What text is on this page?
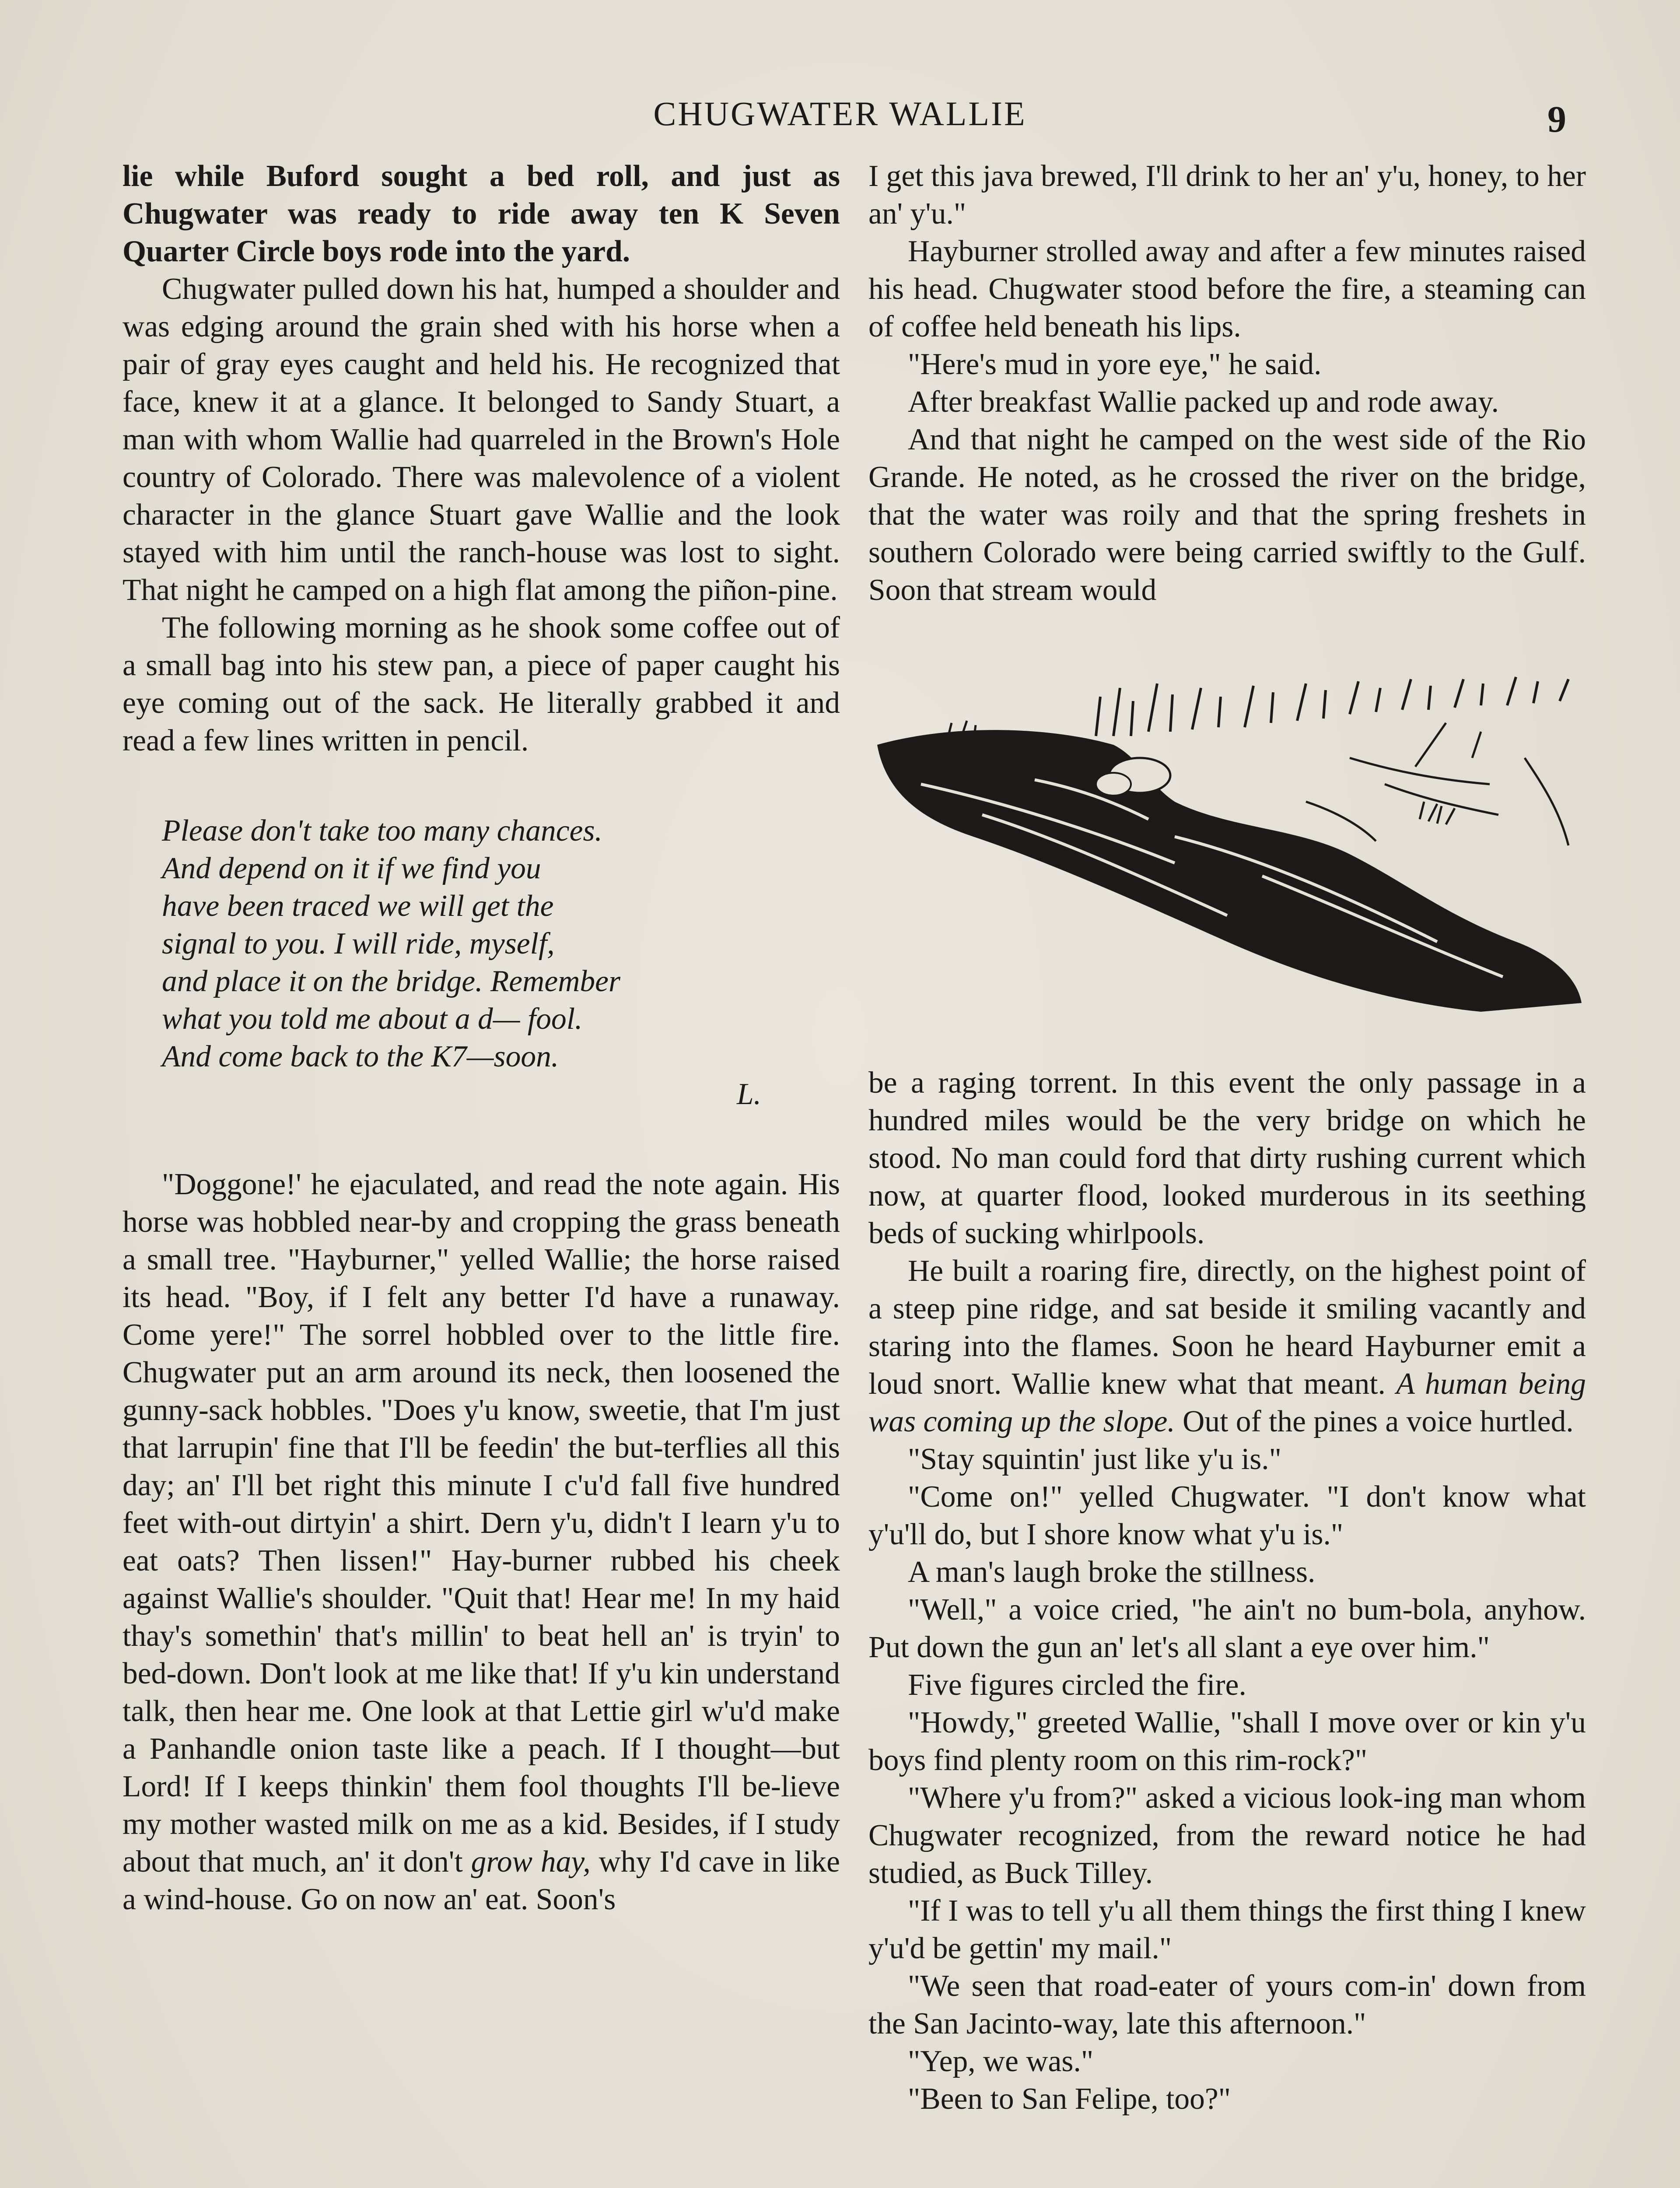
CHUGWATER WALLIE	9

lie while Buford sought a bed roll, and just as Chugwater was ready to ride away ten K Seven Quarter Circle boys rode into the yard.

Chugwater pulled down his hat, humped a shoulder and was edging around the grain shed with his horse when a pair of gray eyes caught and held his. He recognized that face, knew it at a glance. It belonged to Sandy Stuart, a man with whom Wallie had quarreled in the Brown's Hole country of Colorado. There was malevolence of a violent character in the glance Stuart gave Wallie and the look stayed with him until the ranch-house was lost to sight. That night he camped on a high flat among the piñon-pine.

The following morning as he shook some coffee out of a small bag into his stew pan, a piece of paper caught his eye coming out of the sack. He literally grabbed it and read a few lines written in pencil.

Please don't take too many chances.
And depend on it if we find you
have been traced we will get the
signal to you. I will ride, myself,
and place it on the bridge. Remember
what you told me about a d— fool.
And come back to the K7—soon.
L.

"Doggone!' he ejaculated, and read the note again. His horse was hobbled near-by and cropping the grass beneath a small tree. "Hayburner," yelled Wallie; the horse raised its head. "Boy, if I felt any better I'd have a runaway. Come yere!" The sorrel hobbled over to the little fire. Chugwater put an arm around its neck, then loosened the gunny-sack hobbles. "Does y'u know, sweetie, that I'm just that larrupin' fine that I'll be feedin' the but-terflies all this day; an' I'll bet right this minute I c'u'd fall five hundred feet with-out dirtyin' a shirt. Dern y'u, didn't I learn y'u to eat oats? Then lissen!" Hay-burner rubbed his cheek against Wallie's shoulder. "Quit that! Hear me! In my haid thay's somethin' that's millin' to beat hell an' is tryin' to bed-down. Don't look at me like that! If y'u kin understand talk, then hear me. One look at that Lettie girl w'u'd make a Panhandle onion taste like a peach. If I thought—but Lord! If I keeps thinkin' them fool thoughts I'll be-lieve my mother wasted milk on me as a kid. Besides, if I study about that much, an' it don't grow hay, why I'd cave in like a wind-house. Go on now an' eat. Soon's

I get this java brewed, I'll drink to her an' y'u, honey, to her an' y'u."

Hayburner strolled away and after a few minutes raised his head. Chugwater stood before the fire, a steaming can of coffee held beneath his lips.

"Here's mud in yore eye," he said.

After breakfast Wallie packed up and rode away.

And that night he camped on the west side of the Rio Grande. He noted, as he crossed the river on the bridge, that the water was roily and that the spring freshets in southern Colorado were being carried swiftly to the Gulf. Soon that stream would

be a raging torrent. In this event the only passage in a hundred miles would be the very bridge on which he stood. No man could ford that dirty rushing current which now, at quarter flood, looked murderous in its seething beds of sucking whirlpools.

He built a roaring fire, directly, on the highest point of a steep pine ridge, and sat beside it smiling vacantly and staring into the flames. Soon he heard Hayburner emit a loud snort. Wallie knew what that meant. A human being was coming up the slope. Out of the pines a voice hurtled.

"Stay squintin' just like y'u is."

"Come on!" yelled Chugwater. "I don't know what y'u'll do, but I shore know what y'u is."

A man's laugh broke the stillness.

"Well," a voice cried, "he ain't no bum-bola, anyhow. Put down the gun an' let's all slant a eye over him."

Five figures circled the fire.

"Howdy," greeted Wallie, "shall I move over or kin y'u boys find plenty room on this rim-rock?"

"Where y'u from?" asked a vicious look-ing man whom Chugwater recognized, from the reward notice he had studied, as Buck Tilley.

"If I was to tell y'u all them things the first thing I knew y'u'd be gettin' my mail."

"We seen that road-eater of yours com-in' down from the San Jacinto-way, late this afternoon."

"Yep, we was."

"Been to San Felipe, too?"
